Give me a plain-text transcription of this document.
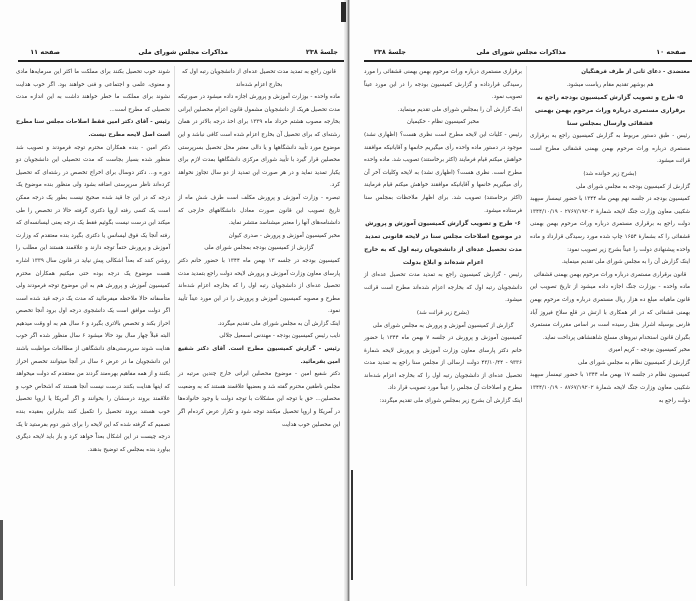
جلسهٔ ۲۳۸
مذاکرات مجلس شورای ملی
صفحه ۱۱

قانون راجع به تمدید مدت تحصیل عده‌ای از دانشجویان رتبه اول که بخارج اعزام شده‌اند

ماده واحده - بوزارت آموزش و پرورش اجازه داده میشود در صورتیکه مدت تحصیل هریک از دانشجویان مشمول قانون اعزام محصلین ایرانی بخارجه مصوب هشتم خرداد ماه ۱۳۳۹ برای اخذ درجه بالاتر در همان رشته‌ای که برای تحصیل آن بخارج اعزام شده است کافی نباشد و این موضوع مورد تأیید دانشگاهها و یا دالی معتبر محل تحصیل بسرپرستی محصلین قرار گیرد با تأیید شورای مرکزی دانشگاهها بمدت لازم برای یکبار تمدید نماید و در هر صورت این تمدید از دو سال تجاوز نخواهد کرد.

تبصره - وزارت آموزش و پرورش مکلف است طرف شش ماه از تاریخ تصویب این قانون صورت معادل دانشگاههای خارجی که دانشنامه‌های آنها را معتبر میشناسد منتشر نماید.

مخبر کمیسیون آموزش و پرورش - صدری کیوان

گزارش از کمیسیون بودجه بمجلس شورای ملی

کمیسیون بودجه در جلسه ۱۳ بهمن ماه ۱۳۴۴ با حضور خانم دکتر پارسای معاون وزارت آموزش و پرورش لایحه دولت راجع بتمدید مدت تحصیل عده‌ای از دانشجویان رتبه اول را که بخارجه اعزام شده‌اند مطرح و مصوبه کمیسیون آموزش و پرورش را در این مورد عیناً تأیید نمود.

اینک گزارش آن به مجلس شورای ملی تقدیم میگردد.

نایب رئیس کمیسیون بودجه - مهندس اسمعیل جلالی

رئیس - گزارش کمیسیون مطرح است. آقای دکتر شفیع امین بفرمائید.

دکتر شفیع امین - موضوع محصلین ایرانی خارج چندین مرتبه در مجلس ناطقین محترم گفته شد و بعضیها علاقمند هستند که به وضعیت محصلین... حق با توجه این مشکلات با توجه دولت با وجود خانواده‌ها در آمریکا و اروپا تحصیل میکنند توجه شود و تکرار عرض کرده‌ام اگر این محصلین خوب هدایت

شوند خوب تحصیل بکنند برای مملکت ما اکثر این سرمایه‌ها مادی و معنوی، علمی و اجتماعی و فنی خواهند بود. اگر خوب هدایت نشوند برای مملکت ما خطر خواهند داشت به این اندازه مدت تحصیلی که مطرح است...

رئیس - آقای دکتر امین فقط اصلاحات مجلس سنا مطرح است اصل لایحه مطرح نیست.

دکتر امین - بنده همکاران محترم توجه فرمودند و تصویب شد منظور شده بسیار بجاست که مدت تحصیلی این دانشجویان دو دوره و... دکتر دوسال برای اخراج تخصص در رشته‌ای که تحصیل کرده‌اند ناظر سرپرستی اضافه بشود ولی منظور بنده موضوع یک درجه که در این جا قید شده صحیح نیست بطور یک درجه ممکن است یک کسی رفته اروپا دکتری گرفته حالا در تخصص را طی میکند این درست نیست بگوئیم فقط یک درجه یعنی لیسانسه‌ای که رفته آنجا یک فوق لیسانس یا دکتری بگیرد بنده معتقدم که وزارت آموزش و پرورش حتماً توجه دارند و علاقمند هستند این مطلب را روشن کنند که بعداً اشکالی پیش نیاید در قانون سال ۱۳۳۹ اشاره هست موضوع یک درجه بوده حتی میکنیم همکاران محترم کمیسیون آموزش و پرورش هم به این موضوع توجه فرمودند ولی متأسفانه حالا ملاحظه میفرمائید که مدت یک درجه قید شده است اگر دولت موافق است یک دانشجوی درجه اول برود آنجا تخصص احراز بکند و تخصص بالاتری بگیرد و ۶ سال هم به او وقت میدهیم البته قبلاً چهار سال بود حالا میشود ۶ سال منظور شده اگر خوب هدایت شوند سرپرستی‌های دانشگاهی از مطالعات مواظبت باشند این دانشجویان ما در عرض ۶ سال در آنجا میتوانند تخصص احراز بکنند و از همه مفاهیم بهره‌مند گردند من معتقدم که دولت میخواهد که اینها هدایت بکنند درست نیست آنجا هستند که اشخاص خوب و علاقمند بروند درسشان را بخوانند و اگر آمریکا یا اروپا تحصیل خوب هستند بروند تحصیل را تکمیل کنند بنابراین بعقیده بنده تصمیم که گرفته شده که این لایحه را برای شور دوم بفرستید تا یک درجه چیست در این اشکال بعداً خواهد کرد و باز باید لایحه دیگری بیاورد بنده بمجلس که توضیح بدهند.

صفحه ۱۰
مذاکرات مجلس شورای ملی
جلسهٔ ۲۳۸

معتضدی - دعای ثانی از طرف فرهنگیان

هم بوشهر تقدیم مقام ریاست میشود.

۵- طرح و تصویب گزارش کمیسیون بودجه راجع به برقراری مستمری درباره وراث مرحوم بهمن بهمنی قشقائی وارسال بمجلس سنا

رئیس - طبق دستور مربوط به گزارش کمیسیون راجع به برقراری مستمری درباره وراث مرحوم بهمن بهمنی قشقائی مطرح است قرائت میشود.

(بشرح زیر خوانده شد)

گزارش از کمیسیون بودجه به مجلس شورای ملی

کمیسیون بودجه در جلسه نهم بهمن ماه ۱۳۴۴ با حضور تیمسار سپهبد شکیبی معاون وزارت جنگ لایحه شمارهٔ ۲۷۶۷/۱۹۲۰۲ - ۱۳۴۴/۱۰/۱۹ دولت راجع به برقراری مستمری درباره وراث مرحوم بهمن بهمنی قشقائی را که بشمارهٔ ۱۶۵۴ چاپ شده مورد رسیدگی قرارداد و ماده واحده پیشنهادی دولت را عیناً بشرح زیر تصویب نمود:

اینک گزارش آن را به مجلس شورای ملی تقدیم مینماید.

قانون برقراری مستمری درباره وراث مرحوم بهمن بهمنی قشقائی

ماده واحده - بوزارت جنگ اجازه داده میشود از تاریخ تصویب این قانون ماهیانه مبلغ ده هزار ریال مستمری درباره وراث مرحوم بهمن بهمنی قشقائی که در اثر همکاری با ارتش در قلع سلاح فیروز آباد فارس بوسیله اشرار بقتل رسیده است بر اساس مقررات مستمری بگیران قانون استخدام نیروهای مسلح شاهنشاهی پرداخت نماید.

مخبر کمیسیون بودجه - کریم امیری

گزارش از کمیسیون نظام به مجلس شورای ملی

کمیسیون نظام در جلسه ۱۷ بهمن ماه ۱۳۴۴ با حضور تیمسار سپهبد شکیبی معاون وزارت جنگ لایحه شمارهٔ ۸۷۶۷/۱۹۲۰۲ - ۱۳۴۴/۱۰/۱۹ دولت راجع به

برقراری مستمری درباره وراث مرحوم بهمن بهمنی قشقائی را مورد رسیدگی قرارداده و گزارش کمیسیون بودجه را در این مورد عیناً تصویب نمود.

اینک گزارش آن را بمجلس شورای ملی تقدیم مینماید.

مخبر کمیسیون نظام - حکیمیان

رئیس - کلیات این لایحه مطرح است نظری هست؟ (اظهاری نشد) موجود در دستور ماده واحده رأی میگیریم خانمها و آقایانیکه موافقند خواهش میکنم قیام فرمایند (اکثر برخاستند) تصویب شد. ماده واحده مطرح است. نظری هست؟ (اظهاری نشد) به لایحه وکلیات آخر آن رأی میگیریم خانمها و آقایانیکه موافقند خواهش میکنم قیام فرمایند (اکثر برخاستند) تصویب شد. برای اظهار ملاحظات بمجلس سنا فرستاده میشود.

۶- طرح و تصویب گزارش کمیسیون آموزش و پرورش در موضوع اصلاحات مجلس سنا در لایحه قانونی تمدید مدت تحصیل عده‌ای از دانشجویان رتبه اول که به خارج اعزام شده‌اند و ابلاغ بدولت

رئیس - گزارش کمیسیون راجع به تمدید مدت تحصیل عده‌ای از دانشجویان رتبه اول که بخارجه اعزام شده‌اند مطرح است قرائت میشود.

(بشرح زیر قرائت شد)

گزارش از کمیسیون آموزش و پرورش به مجلس شورای ملی

کمیسیون آموزش و پرورش در جلسه ۷ بهمن ماه ۱۳۴۴ با حضور خانم دکتر پارسای معاون وزارت آموزش و پرورش لایحه شمارهٔ ۹۳۳۶ - ۴۳/۱۰/۴۴ دولت ارسالی از مجلس سنا راجع به تمدید مدت تحصیل عده‌ای از دانشجویان رتبه اول را که بخارجه اعزام شده‌اند مطرح و اصلاحات آن مجلس را عیناً مورد تصویب قرار داد.

اینک گزارش آن بشرح زیر بمجلس شورای ملی تقدیم میگردد:
